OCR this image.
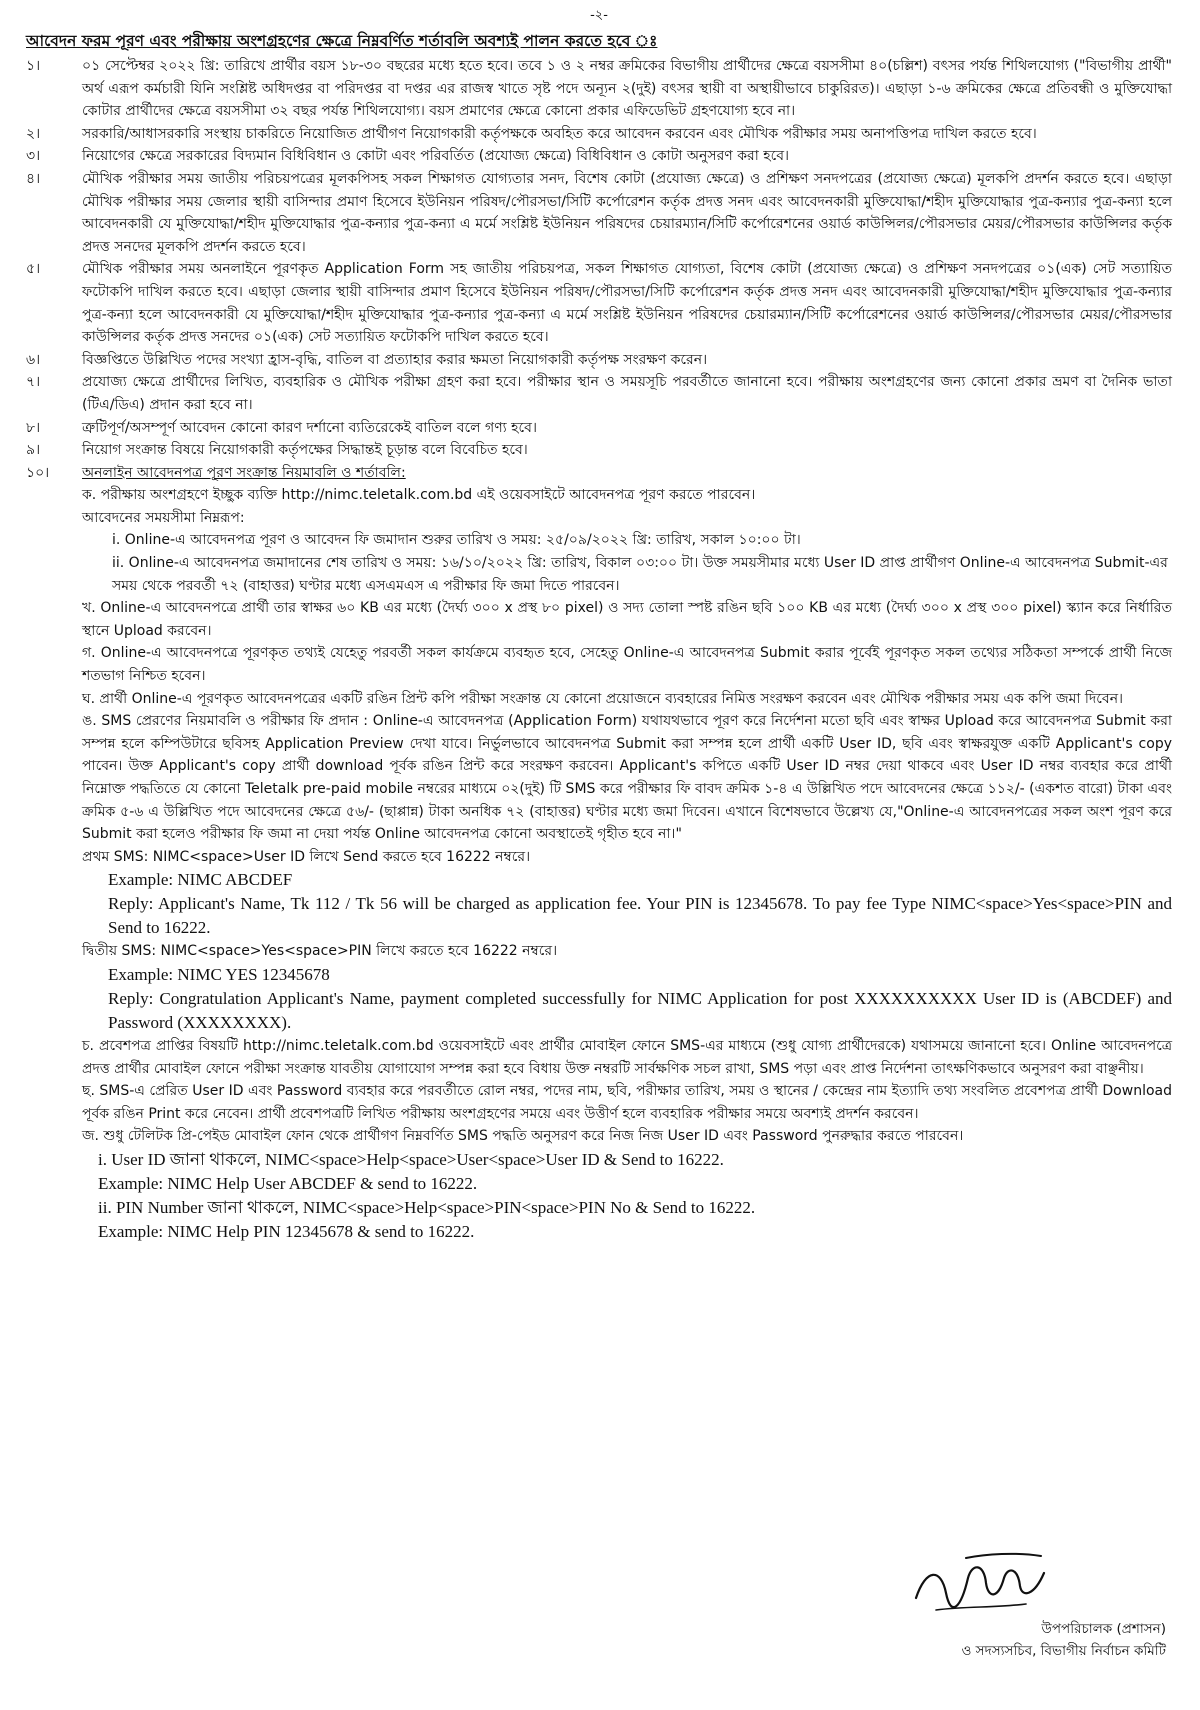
-২-
আবেদন ফরম পূরণ এবং পরীক্ষায় অংশগ্রহণের ক্ষেত্রে নিম্নবর্ণিত শর্তাবলি অবশ্যই পালন করতে হবে ঃ
১।	০১ সেপ্টেম্বর ২০২২ খ্রি: তারিখে প্রার্থীর বয়স ১৮-৩০ বছরের মধ্যে হতে হবে। তবে ১ ও ২ নম্বর ক্রমিকের বিভাগীয় প্রার্থীদের ক্ষেত্রে বয়সসীমা ৪০(চল্লিশ) বৎসর পর্যন্ত শিথিলযোগ্য ("বিভাগীয় প্রার্থী" অর্থ এরূপ কর্মচারী যিনি সংশ্লিষ্ট অধিদপ্তর বা পরিদপ্তর বা দপ্তর এর রাজস্ব খাতে সৃষ্ট পদে অন্যূন ২(দুই) বৎসর স্থায়ী বা অস্থায়ীভাবে চাকুরিরত)। এছাড়া ১-৬ ক্রমিকের ক্ষেত্রে প্রতিবন্ধী ও মুক্তিযোদ্ধা কোটার প্রার্থীদের ক্ষেত্রে বয়সসীমা ৩২ বছর পর্যন্ত শিথিলযোগ্য। বয়স প্রমাণের ক্ষেত্রে কোনো প্রকার এফিডেভিট গ্রহণযোগ্য হবে না।
২।	সরকারি/আধাসরকারি সংস্থায় চাকরিতে নিয়োজিত প্রার্থীগণ নিয়োগকারী কর্তৃপক্ষকে অবহিত করে আবেদন করবেন এবং মৌখিক পরীক্ষার সময় অনাপত্তিপত্র দাখিল করতে হবে।
৩।	নিয়োগের ক্ষেত্রে সরকারের বিদ্যমান বিধিবিধান ও কোটা এবং পরিবর্তিত (প্রযোজ্য ক্ষেত্রে) বিধিবিধান ও কোটা অনুসরণ করা হবে।
৪।	মৌখিক পরীক্ষার সময় জাতীয় পরিচয়পত্রের মূলকপিসহ সকল শিক্ষাগত যোগ্যতার সনদ, বিশেষ কোটা (প্রযোজ্য ক্ষেত্রে) ও প্রশিক্ষণ সনদপত্রের (প্রযোজ্য ক্ষেত্রে) মূলকপি প্রদর্শন করতে হবে। এছাড়া মৌখিক পরীক্ষার সময় জেলার স্থায়ী বাসিন্দার প্রমাণ হিসেবে ইউনিয়ন পরিষদ/পৌরসভা/সিটি কর্পোরেশন কর্তৃক প্রদত্ত সনদ এবং আবেদনকারী মুক্তিযোদ্ধা/শহীদ মুক্তিযোদ্ধার পুত্র-কন্যার পুত্র-কন্যা হলে আবেদনকারী যে মুক্তিযোদ্ধা/শহীদ মুক্তিযোদ্ধার পুত্র-কন্যার পুত্র-কন্যা এ মর্মে সংশ্লিষ্ট ইউনিয়ন পরিষদের চেয়ারম্যান/সিটি কর্পোরেশনের ওয়ার্ড কাউন্সিলর/পৌরসভার মেয়র/পৌরসভার কাউন্সিলর কর্তৃক প্রদত্ত সনদের মূলকপি প্রদর্শন করতে হবে।
৫।	মৌখিক পরীক্ষার সময় অনলাইনে পূরণকৃত Application Form সহ জাতীয় পরিচয়পত্র, সকল শিক্ষাগত যোগ্যতা, বিশেষ কোটা (প্রযোজ্য ক্ষেত্রে) ও প্রশিক্ষণ সনদপত্রের ০১(এক) সেট সত্যায়িত ফটোকপি দাখিল করতে হবে। এছাড়া জেলার স্থায়ী বাসিন্দার প্রমাণ হিসেবে ইউনিয়ন পরিষদ/পৌরসভা/সিটি কর্পোরেশন কর্তৃক প্রদত্ত সনদ এবং আবেদনকারী মুক্তিযোদ্ধা/শহীদ মুক্তিযোদ্ধার পুত্র-কন্যার পুত্র-কন্যা হলে আবেদনকারী যে মুক্তিযোদ্ধা/শহীদ মুক্তিযোদ্ধার পুত্র-কন্যার পুত্র-কন্যা এ মর্মে সংশ্লিষ্ট ইউনিয়ন পরিষদের চেয়ারম্যান/সিটি কর্পোরেশনের ওয়ার্ড কাউন্সিলর/পৌরসভার মেয়র/পৌরসভার কাউন্সিলর কর্তৃক প্রদত্ত সনদের ০১(এক) সেট সত্যায়িত ফটোকপি দাখিল করতে হবে।
৬।	বিজ্ঞপ্তিতে উল্লিখিত পদের সংখ্যা হ্রাস-বৃদ্ধি, বাতিল বা প্রত্যাহার করার ক্ষমতা নিয়োগকারী কর্তৃপক্ষ সংরক্ষণ করেন।
৭।	প্রযোজ্য ক্ষেত্রে প্রার্থীদের লিখিত, ব্যবহারিক ও মৌখিক পরীক্ষা গ্রহণ করা হবে। পরীক্ষার স্থান ও সময়সূচি পরবর্তীতে জানানো হবে। পরীক্ষায় অংশগ্রহণের জন্য কোনো প্রকার ভ্রমণ বা দৈনিক ভাতা (টিএ/ডিএ) প্রদান করা হবে না।
৮।	ত্রুটিপূর্ণ/অসম্পূর্ণ আবেদন কোনো কারণ দর্শানো ব্যতিরেকেই বাতিল বলে গণ্য হবে।
৯।	নিয়োগ সংক্রান্ত বিষয়ে নিয়োগকারী কর্তৃপক্ষের সিদ্ধান্তই চূড়ান্ত বলে বিবেচিত হবে।
১০।	অনলাইন আবেদনপত্র পূরণ সংক্রান্ত নিয়মাবলি ও শর্তাবলি:
ক. পরীক্ষায় অংশগ্রহণে ইচ্ছুক ব্যক্তি http://nimc.teletalk.com.bd এই ওয়েবসাইটে আবেদনপত্র পূরণ করতে পারবেন।
আবেদনের সময়সীমা নিম্নরূপ:
i. Online-এ আবেদনপত্র পূরণ ও আবেদন ফি জমাদান শুরুর তারিখ ও সময়: ২৫/০৯/২০২২ খ্রি: তারিখ, সকাল ১০:০০ টা।
ii. Online-এ আবেদনপত্র জমাদানের শেষ তারিখ ও সময়: ১৬/১০/২০২২ খ্রি: তারিখ, বিকাল ০৩:০০ টা। উক্ত সময়সীমার মধ্যে User ID প্রাপ্ত প্রার্থীগণ Online-এ আবেদনপত্র Submit-এর সময় থেকে পরবর্তী ৭২ (বাহাত্তর) ঘণ্টার মধ্যে এসএমএস এ পরীক্ষার ফি জমা দিতে পারবেন।
খ. Online-এ আবেদনপত্রে প্রার্থী তার স্বাক্ষর ৬০ KB এর মধ্যে (দৈর্ঘ্য ৩০০ x প্রস্থ ৮০ pixel) ও সদ্য তোলা স্পষ্ট রঙিন ছবি ১০০ KB এর মধ্যে (দৈর্ঘ্য ৩০০ x প্রস্থ ৩০০ pixel) স্ক্যান করে নির্ধারিত স্থানে Upload করবেন।
গ. Online-এ আবেদনপত্রে পূরণকৃত তথ্যই যেহেতু পরবর্তী সকল কার্যক্রমে ব্যবহৃত হবে, সেহেতু Online-এ আবেদনপত্র Submit করার পূর্বেই পূরণকৃত সকল তথ্যের সঠিকতা সম্পর্কে প্রার্থী নিজে শতভাগ নিশ্চিত হবেন।
ঘ. প্রার্থী Online-এ পূরণকৃত আবেদনপত্রের একটি রঙিন প্রিন্ট কপি পরীক্ষা সংক্রান্ত যে কোনো প্রয়োজনে ব্যবহারের নিমিত্ত সংরক্ষণ করবেন এবং মৌখিক পরীক্ষার সময় এক কপি জমা দিবেন।
ঙ. SMS প্রেরণের নিয়মাবলি ও পরীক্ষার ফি প্রদান : Online-এ আবেদনপত্র (Application Form) যথাযথভাবে পূরণ করে নির্দেশনা মতো ছবি এবং স্বাক্ষর Upload করে আবেদনপত্র Submit করা সম্পন্ন হলে কম্পিউটারে ছবিসহ Application Preview দেখা যাবে। নির্ভুলভাবে আবেদনপত্র Submit করা সম্পন্ন হলে প্রার্থী একটি User ID, ছবি এবং স্বাক্ষরযুক্ত একটি Applicant's copy পাবেন। উক্ত Applicant's copy প্রার্থী download পূর্বক রঙিন প্রিন্ট করে সংরক্ষণ করবেন। Applicant's কপিতে একটি User ID নম্বর দেয়া থাকবে এবং User ID নম্বর ব্যবহার করে প্রার্থী নিম্নোক্ত পদ্ধতিতে যে কোনো Teletalk pre-paid mobile নম্বরের মাধ্যমে ০২(দুই) টি SMS করে পরীক্ষার ফি বাবদ ক্রমিক ১-৪ এ উল্লিখিত পদে আবেদনের ক্ষেত্রে ১১২/- (একশত বারো) টাকা এবং ক্রমিক ৫-৬ এ উল্লিখিত পদে আবেদনের ক্ষেত্রে ৫৬/- (ছাপ্পান্ন) টাকা অনধিক ৭২ (বাহাত্তর) ঘণ্টার মধ্যে জমা দিবেন। এখানে বিশেষভাবে উল্লেখ্য যে,"Online-এ আবেদনপত্রের সকল অংশ পূরণ করে Submit করা হলেও পরীক্ষার ফি জমা না দেয়া পর্যন্ত Online আবেদনপত্র কোনো অবস্থাতেই গৃহীত হবে না।"
প্রথম SMS: NIMC<space>User ID লিখে Send করতে হবে 16222 নম্বরে।
Example: NIMC ABCDEF
Reply: Applicant's Name, Tk 112 / Tk 56 will be charged as application fee. Your PIN is 12345678. To pay fee Type NIMC<space>Yes<space>PIN and Send to 16222.
দ্বিতীয় SMS: NIMC<space>Yes<space>PIN লিখে করতে হবে 16222 নম্বরে।
Example: NIMC YES 12345678
Reply: Congratulation Applicant's Name, payment completed successfully for NIMC Application for post XXXXXXXXXX User ID is (ABCDEF) and Password (XXXXXXXX).
চ. প্রবেশপত্র প্রাপ্তির বিষয়টি http://nimc.teletalk.com.bd ওয়েবসাইটে এবং প্রার্থীর মোবাইল ফোনে SMS-এর মাধ্যমে (শুধু যোগ্য প্রার্থীদেরকে) যথাসময়ে জানানো হবে। Online আবেদনপত্রে প্রদত্ত প্রার্থীর মোবাইল ফোনে পরীক্ষা সংক্রান্ত যাবতীয় যোগাযোগ সম্পন্ন করা হবে বিধায় উক্ত নম্বরটি সার্বক্ষণিক সচল রাখা, SMS পড়া এবং প্রাপ্ত নির্দেশনা তাৎক্ষণিকভাবে অনুসরণ করা বাঞ্ছনীয়।
ছ. SMS-এ প্রেরিত User ID এবং Password ব্যবহার করে পরবর্তীতে রোল নম্বর, পদের নাম, ছবি, পরীক্ষার তারিখ, সময় ও স্থানের / কেন্দ্রের নাম ইত্যাদি তথ্য সংবলিত প্রবেশপত্র প্রার্থী Download পূর্বক রঙিন Print করে নেবেন। প্রার্থী প্রবেশপত্রটি লিখিত পরীক্ষায় অংশগ্রহণের সময়ে এবং উত্তীর্ণ হলে ব্যবহারিক পরীক্ষার সময়ে অবশ্যই প্রদর্শন করবেন।
জ. শুধু টেলিটক প্রি-পেইড মোবাইল ফোন থেকে প্রার্থীগণ নিম্নবর্ণিত SMS পদ্ধতি অনুসরণ করে নিজ নিজ User ID এবং Password পুনরুদ্ধার করতে পারবেন।
i. User ID জানা থাকলে, NIMC<space>Help<space>User<space>User ID & Send to 16222.
Example: NIMC Help User ABCDEF & send to 16222.
ii. PIN Number জানা থাকলে, NIMC<space>Help<space>PIN<space>PIN No & Send to 16222.
Example: NIMC Help PIN 12345678 & send to 16222.
উপপরিচালক (প্রশাসন)
ও সদস্যসচিব, বিভাগীয় নির্বাচন কমিটি
